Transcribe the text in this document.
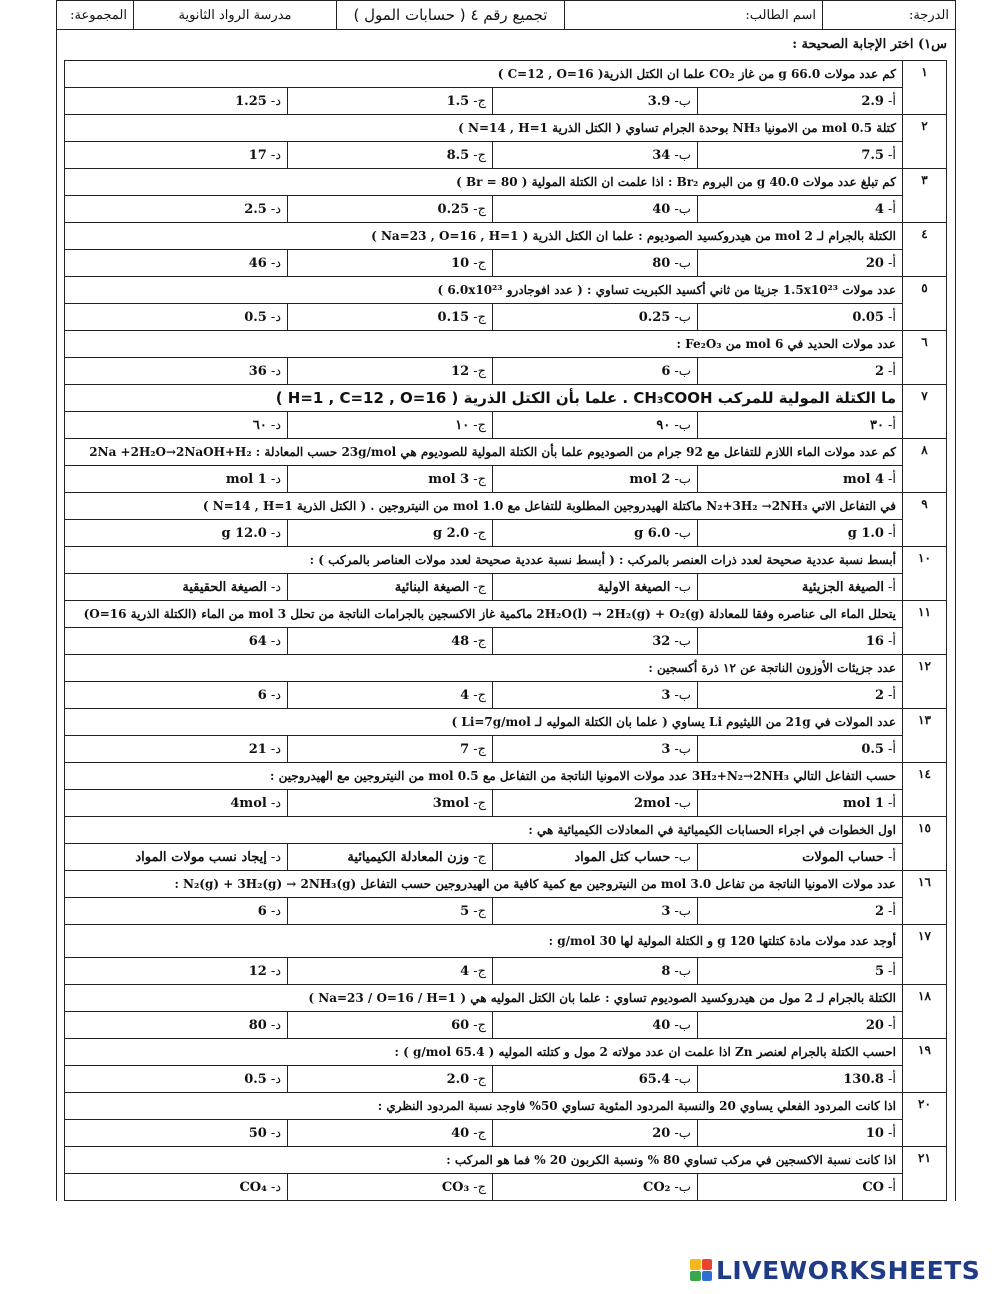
الدرجة:	اسم الطالب:	تجميع رقم ٤ ( حسابات المول )	مدرسة الرواد الثانوية	المجموعة:
س١) اختر الإجابة الصحيحة :
١	كم عدد مولات 66.0 g من غاز CO₂ علما ان الكتل الذرية( C=12 , O=16 )			
	أ-2.9	ب-3.9	ج-1.5	د-1.25
٢	كتلة 0.5 mol من الامونيا NH₃ بوحدة الجرام تساوي ( الكتل الذرية N=14 , H=1 )			
	أ-7.5	ب-34	ج-8.5	د-17
٣	كم تبلغ عدد مولات 40.0 g من البروم Br₂ : اذا علمت ان الكتلة المولية ( Br = 80 )			
	أ-4	ب-40	ج-0.25	د-2.5
٤	الكتلة بالجرام لـ 2 mol من هيدروكسيد الصوديوم : علما ان الكتل الذرية ( Na=23 , O=16 , H=1 )			
	أ-20	ب-80	ج-10	د-46
٥	عدد مولات 1.5x10²³ جزيئا من ثاني أكسيد الكبريت تساوي : ( عدد افوجادرو 6.0x10²³ )			
	أ-0.05	ب-0.25	ج-0.15	د-0.5
٦	عدد مولات الحديد في 6 mol من Fe₂O₃ :			
	أ-2	ب-6	ج-12	د-36
٧	ما الكتلة المولية للمركب CH₃COOH . علما بأن الكتل الذرية ( H=1 , C=12 , O=16 )			
	أ-٣٠	ب-٩٠	ج-١٠	د-٦٠
٨	كم عدد مولات الماء اللازم للتفاعل مع 92 جرام من الصوديوم علما بأن الكتلة المولية للصوديوم هي 23g/mol حسب المعادلة : 2Na +2H₂O→2NaOH+H₂			
	أ-4 mol	ب-2 mol	ج-3 mol	د-1 mol
٩	في التفاعل الاتي N₂+3H₂ →2NH₃ ماكتلة الهيدروجين المطلوبة للتفاعل مع 1.0 mol من النيتروجين . ( الكتل الذرية N=14 , H=1 )			
	أ-1.0 g	ب-6.0 g	ج-2.0 g	د-12.0 g
١٠	أبسط نسبة عددية صحيحة لعدد ذرات العنصر بالمركب : ( أبسط نسبة عددية صحيحة لعدد مولات العناصر بالمركب ) :			
	أ-الصيغة الجزيئية	ب-الصيغة الاولية	ج-الصيغة البنائية	د-الصيغة الحقيقية
١١	يتحلل الماء الى عناصره وفقا للمعادلة 2H₂O(l) → 2H₂(g) + O₂(g) ماكمية غاز الاكسجين بالجرامات الناتجة من تحلل 3 mol من الماء (الكتلة الذرية O=16)			
	أ-16	ب-32	ج-48	د-64
١٢	عدد جزيئات الأوزون الناتجة عن ١٢ ذرة أكسجين :			
	أ-2	ب-3	ج-4	د-6
١٣	عدد المولات في 21g من الليثيوم Li يساوي ( علما بان الكتلة الموليه لـ Li=7g/mol )			
	أ-0.5	ب-3	ج-7	د-21
١٤	حسب التفاعل التالي 3H₂+N₂→2NH₃ عدد مولات الامونيا الناتجة من التفاعل مع 0.5 mol من النيتروجين مع الهيدروجين :			
	أ-1 mol	ب-2mol	ج-3mol	د-4mol
١٥	اول الخطوات في اجراء الحسابات الكيميائية في المعادلات الكيميائية هي :			
	أ-حساب المولات	ب-حساب كتل المواد	ج-وزن المعادلة الكيميائية	د-إيجاد نسب مولات المواد
١٦	عدد مولات الامونيا الناتجة من تفاعل 3.0 mol من النيتروجين مع كمية كافية من الهيدروجين حسب التفاعل N₂(g) + 3H₂(g) → 2NH₃(g) :			
	أ-2	ب-3	ج-5	د-6
١٧	أوجد عدد مولات مادة كتلتها 120 g و الكتلة المولية لها 30 g/mol :			
	أ-5	ب-8	ج-4	د-12
١٨	الكتلة بالجرام لـ 2 مول من هيدروكسيد الصوديوم تساوي : علما بان الكتل الموليه هي ( Na=23 / O=16 / H=1 )			
	أ-20	ب-40	ج-60	د-80
١٩	احسب الكتلة بالجرام لعنصر Zn اذا علمت ان عدد مولاته 2 مول و كتلته الموليه ( 65.4 g/mol ) :			
	أ-130.8	ب-65.4	ج-2.0	د-0.5
٢٠	اذا كانت المردود الفعلي يساوي 20 والنسبة المردود المئوية تساوي 50% فاوجد نسبة المردود النظري :			
	أ-10	ب-20	ج-40	د-50
٢١	اذا كانت نسبة الاكسجين في مركب تساوي 80 % ونسبة الكربون 20 % فما هو المركب :			
	أ-CO	ب-CO₂	ج-CO₃	د-CO₄
LIVEWORKSHEETS
